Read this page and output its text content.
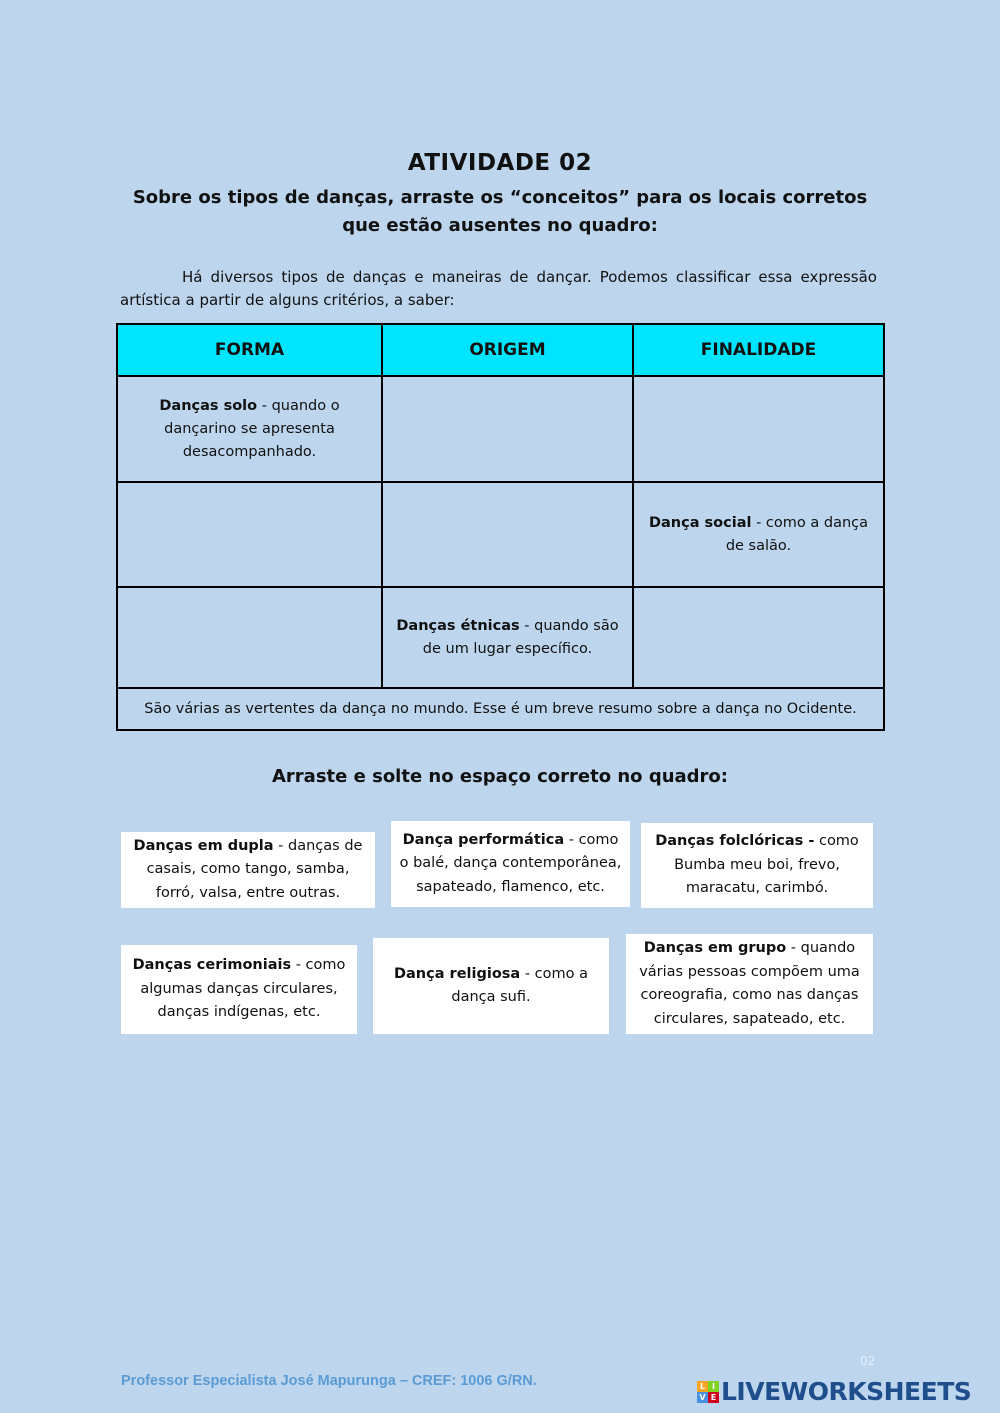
ATIVIDADE 02
Sobre os tipos de danças, arraste os “conceitos” para os locais corretos que estão ausentes no quadro:
Há diversos tipos de danças e maneiras de dançar. Podemos classificar essa expressão artística a partir de alguns critérios, a saber:
FORMA	ORIGEM	FINALIDADE
Danças solo - quando o dançarino se apresenta desacompanhado.		
		Dança social - como a dança de salão.
	Danças étnicas - quando são de um lugar específico.	
São várias as vertentes da dança no mundo. Esse é um breve resumo sobre a dança no Ocidente.		
Arraste e solte no espaço correto no quadro:
Danças em dupla - danças de casais, como tango, samba, forró, valsa, entre outras.
Dança performática - como o balé, dança contemporânea, sapateado, flamenco, etc.
Danças folclóricas - como Bumba meu boi, frevo, maracatu, carimbó.
Danças cerimoniais - como algumas danças circulares, danças indígenas, etc.
Dança religiosa - como a dança sufi.
Danças em grupo - quando várias pessoas compõem uma coreografia, como nas danças circulares, sapateado, etc.
Professor Especialista José Mapurunga – CREF: 1006 G/RN.
02
L I
V E LIVEWORKSHEETS
